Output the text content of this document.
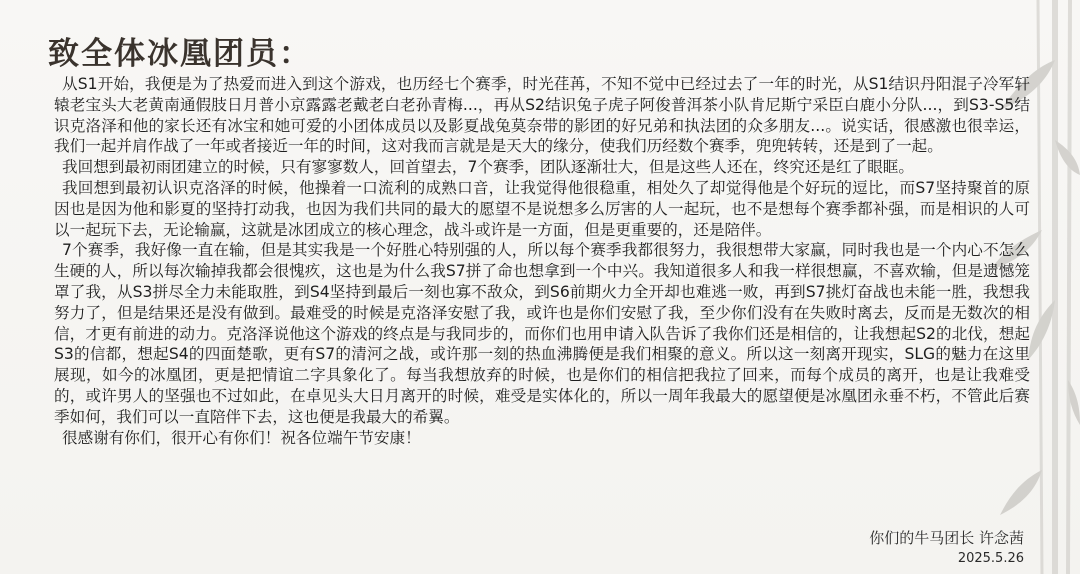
致全体冰凰团员：

从S1开始，我便是为了热爱而进入到这个游戏，也历经七个赛季，时光荏苒，不知不觉中已经过去了一年的时光，从S1结识丹阳混子冷军轩辕老宝头大老黄南通假肢日月普小京露露老戴老白老孙青梅...，再从S2结识兔子虎子阿俊普洱茶小队肯尼斯宁采臣白鹿小分队...，到S3-S5结识克洛泽和他的家长还有冰宝和她可爱的小团体成员以及影夏战兔莫奈带的影团的好兄弟和执法团的众多朋友...。说实话，很感激也很幸运，我们一起并肩作战了一年或者接近一年的时间，这对我而言就是是天大的缘分，使我们历经数个赛季，兜兜转转，还是到了一起。

我回想到最初雨团建立的时候，只有寥寥数人，回首望去，7个赛季，团队逐渐壮大，但是这些人还在，终究还是红了眼眶。

我回想到最初认识克洛泽的时候，他操着一口流利的成熟口音，让我觉得他很稳重，相处久了却觉得他是个好玩的逗比，而S7坚持聚首的原因也是因为他和影夏的坚持打动我，也因为我们共同的最大的愿望不是说想多么厉害的人一起玩，也不是想每个赛季都补强，而是相识的人可以一起玩下去，无论输赢，这就是冰团成立的核心理念，战斗或许是一方面，但是更重要的，还是陪伴。

7个赛季，我好像一直在输，但是其实我是一个好胜心特别强的人，所以每个赛季我都很努力，我很想带大家赢，同时我也是一个内心不怎么生硬的人，所以每次输掉我都会很愧疚，这也是为什么我S7拼了命也想拿到一个中兴。我知道很多人和我一样很想赢，不喜欢输，但是遗憾笼罩了我，从S3拼尽全力未能取胜，到S4坚持到最后一刻也寡不敌众，到S6前期火力全开却也难逃一败，再到S7挑灯奋战也未能一胜，我想我努力了，但是结果还是没有做到。最难受的时候是克洛泽安慰了我，或许也是你们安慰了我，至少你们没有在失败时离去，反而是无数次的相信，才更有前进的动力。克洛泽说他这个游戏的终点是与我同步的，而你们也用申请入队告诉了我你们还是相信的，让我想起S2的北伐，想起S3的信都，想起S4的四面楚歌，更有S7的清河之战，或许那一刻的热血沸腾便是我们相聚的意义。所以这一刻离开现实，SLG的魅力在这里展现，如今的冰凰团，更是把情谊二字具象化了。每当我想放弃的时候，也是你们的相信把我拉了回来，而每个成员的离开，也是让我难受的，或许男人的坚强也不过如此，在卓见头大日月离开的时候，难受是实体化的，所以一周年我最大的愿望便是冰凰团永垂不朽，不管此后赛季如何，我们可以一直陪伴下去，这也便是我最大的希翼。

很感谢有你们，很开心有你们！祝各位端午节安康！

你们的牛马团长 许念茜
2025.5.26
